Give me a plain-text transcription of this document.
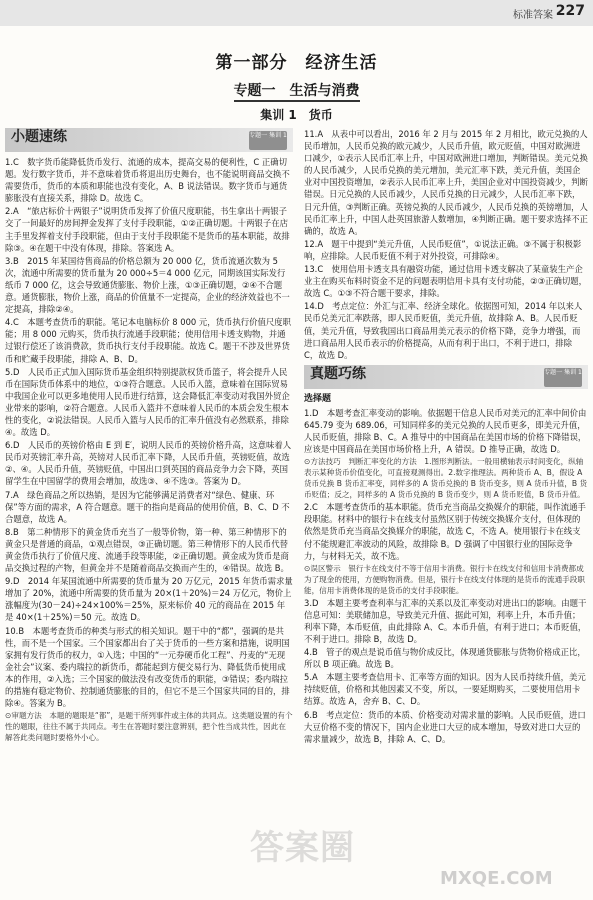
标准答案 227
第一部分　经济生活
专题一　生活与消费
集训 1　货币
小题速练	专题一 集训 1

1.C　数字货币能降低货币发行、流通的成本，提高交易的便利性，C 正确切题。发行数字货币，并不意味着货币将退出历史舞台，也不能说明商品交换不需要货币，货币的本质和职能也没有变化，A、B 说法错误。数字货币与通货膨胀没有直接关系，排除 D。故选 C。

2.A　“旅店标价十两银子”说明货币发挥了价值尺度职能，书生拿出十两银子交了一间最好的房间押金发挥了支付手段职能，①②正确切题。十两银子在店主手里发挥着支付手段职能，但由于支付手段职能不是货币的基本职能，故排除③。④在题干中没有体现，排除。答案选 A。

3.B　2015 年某国待售商品的价格总额为 20 000 亿，货币流通次数为 5 次，流通中所需要的货币量为 20 000÷5＝4 000 亿元，同期该国实际发行纸币 7 000 亿，这会导致通货膨胀、物价上涨，①③正确切题，②④不合题意。通货膨胀，物价上涨，商品的价值量不一定提高，企业的经济效益也不一定提高，排除②④。

4.C　本题考查货币的职能。笔记本电脑标价 8 000 元，货币执行价值尺度职能；用 8 000 元购买，货币执行流通手段职能；使用信用卡透支购物，并通过银行偿还了该消费款，货币执行支付手段职能。故选 C。题干不涉及世界货币和贮藏手段职能，排除 A、B、D。

5.D　人民币正式加入国际货币基金组织特别提款权货币篮子，将会提升人民币在国际货币体系中的地位，①③符合题意。人民币入篮，意味着在国际贸易中我国企业可以更多地使用人民币进行结算，这会降低汇率变动对我国外贸企业带来的影响，②符合题意。人民币入篮并不意味着人民币的本质会发生根本性的变化，②说法错误。人民币入篮与人民币的汇率升值没有必然联系，排除④。故选 D。

6.D　人民币的英镑价格由 E 到 E′，说明人民币的英镑价格升高，这意味着人民币对英镑汇率升高，英镑对人民币汇率下降，人民币升值，英镑贬值，故选②、④。人民币升值，英镑贬值，中国出口到英国的商品竞争力会下降，英国留学生在中国留学的费用会增加，故选③、④不选③。答案为 D。

7.A　绿色商品之所以热销，是因为它能够满足消费者对“绿色、健康、环保”等方面的需求，A 符合题意。题干的指向是商品的使用价值，B、C、D 不合题意，故选 A。

8.B　第二种情形下的黄金货币充当了一般等价物，第一种、第三种情形下的黄金只是普通的商品，①观点错误，③正确切题。第三种情形下的人民币代替黄金货币执行了价值尺度、流通手段等职能，②正确切题。黄金成为货币是商品交换过程的产物，但黄金并不是随着商品交换而产生的，④错误。故选 B。

9.D　2014 年某国流通中所需要的货币量为 20 万亿元，2015 年货币需求量增加了 20%，流通中所需要的货币量为 20×(1＋20%)＝24 万亿元，物价上涨幅度为(30－24)÷24×100%＝25%，原来标价 40 元的商品在 2015 年是 40×(1＋25%)＝50 元。故选 D。

10.B　本题考查货币的种类与形式的相关知识。题干中的“都”，强调的是共性，而不是一个国家。三个国家都出台了关于货币的一些方案和措施，说明国家拥有发行货币的权力，①入选；中国的“一元券硬币化工程”、丹麦的“无现金社会”议案、委内瑞拉的新货币，都能起到方便交易行为、降低货币使用成本的作用，②入选；三个国家的做法没有改变货币的职能，③错误；委内瑞拉的措施有稳定物价、控制通货膨胀的目的，但它不是三个国家共同的目的，排除④。答案为 B。

⊙审题方法　本题的题眼是“都”，是题干所列事件或主体的共同点。这类题设置的有个性的题眼，往往不属于共同点。考生在答题时要注意辨别，把个性当成共性，因此在解答此类问题时要格外小心。

11.A　从表中可以看出，2016 年 2 月与 2015 年 2 月相比，欧元兑换的人民币增加，人民币兑换的欧元减少，人民币升值，欧元贬值，中国对欧洲进口减少，①表示人民币汇率上升，中国对欧洲进口增加，判断错误。美元兑换的人民币减少，人民币兑换的美元增加，美元汇率下跌，美元升值，美国企业对中国投资增加，②表示人民币汇率上升，美国企业对中国投资减少，判断错误。日元兑换的人民币减少，人民币兑换的日元减少，人民币汇率下跌，日元升值，③判断正确。英镑兑换的人民币减少，人民币兑换的英镑增加，人民币汇率上升，中国人赴英国旅游人数增加，④判断正确。题干要求选择不正确的，故选 A。

12.A　题干中提到“美元升值，人民币贬值”，①说法正确。③不属于积极影响，应排除。人民币贬值不利于对外投资，可排除④。

13.C　使用信用卡透支具有融资功能，通过信用卡透支解决了某童装生产企业主在购买布料时资金不足的问题表明信用卡具有支付功能，②③正确切题，故选 C。①③不符合题干要求，排除。

14.D　考点定位：外汇与汇率、经济全球化。依据图可知，2014 年以来人民币兑美元汇率跌落，即人民币贬值，美元升值，故排除 A、B。人民币贬值，美元升值，导致我国出口商品用美元表示的价格下降，竞争力增强，而进口商品用人民币表示的价格提高，从而有利于出口，不利于进口，排除 C，故选 D。

真题巧练	专题一 集训 1
选择题

1.D　本题考查汇率变动的影响。依据题干信息人民币对美元的汇率中间价由 645.79 变为 689.06，可知同样多的美元兑换的人民币更多，即美元升值，人民币贬值，排除 B、C。A 推导中的中国商品在美国市场的价格下降错误，应该是中国商品在美国市场价格上升，A 错误。D 推导正确，故选 D。

⊙方法技巧　判断汇率变化的方法　1.图形判断法。一般用横轴表示时间变化，纵轴表示某种货币价值变化，可直接观测得出。2.数字推理法。两种货币 A、B，假设 A 货币兑换 B 货币汇率变，同样多的 A 货币兑换的 B 货币变多，则 A 货币升值，B 货币贬值；反之，同样多的 A 货币兑换的 B 货币变少，则 A 货币贬值，B 货币升值。

2.C　本题考查货币的基本职能。货币充当商品交换媒介的职能，叫作流通手段职能。材料中的银行卡在线支付虽然区别于传统交换媒介支付，但体现的依然是货币充当商品交换媒介的职能，故选 C，不选 A。使用银行卡在线支付不能规避汇率波动的风险，故排除 B。D 强调了中国银行业的国际竞争力，与材料无关，故不选。

⊙误区警示　银行卡在线支付不等于信用卡消费。银行卡在线支付和信用卡消费都成为了现金的使用，方便购物消费。但是，银行卡在线支付体现的是货币的流通手段职能，信用卡消费体现的是货币的支付手段职能。

3.D　本题主要考查利率与汇率的关系以及汇率变动对进出口的影响。由题干信息可知：美联储加息，导致美元升值、据此可知，利率上升，本币升值；利率下降，本币贬值，由此排除 A、C。本币升值，有利于进口；本币贬值，不利于进口。排除 B，故选 D。

4.B　管子的观点是说币值与物价成反比，体现通货膨胀与货物价格成正比，所以 B 项正确。故选 B。

5.A　本题主要考查信用卡、汇率等方面的知识。因为人民币持续升值，美元持续贬值，价格和其他因素又不变，所以，一要延期购买，二要使用信用卡结算。故选 A，舍弃 B、C、D。

6.B　考点定位：货币的本质、价格变动对需求量的影响。人民币贬值，进口大豆价格不变的情况下，国内企业进口大豆的成本增加，导致对进口大豆的需求量减少，故选 B，排除 A、C、D。

答案圈
MXQE.COM
